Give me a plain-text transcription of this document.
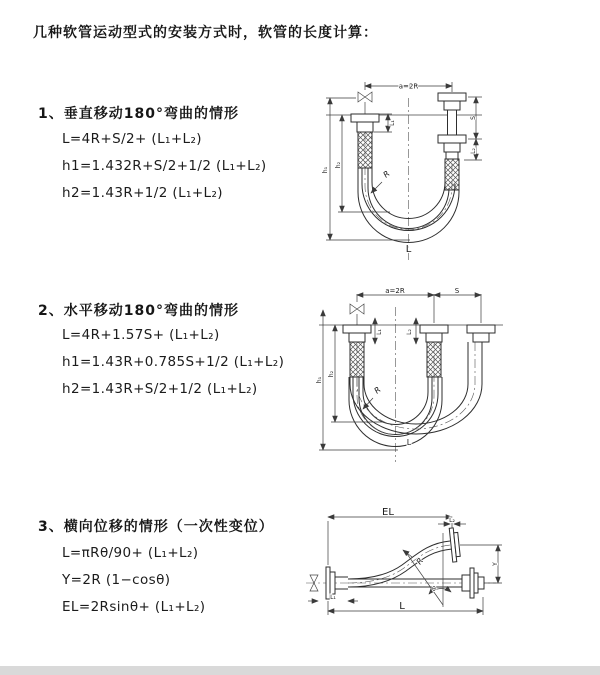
几种软管运动型式的安装方式时，软管的长度计算：
1、垂直移动180°弯曲的情形
L=4R+S/2+ (L₁+L₂)
h1=1.432R+S/2+1/2 (L₁+L₂)
h2=1.43R+1/2 (L₁+L₂)
2、水平移动180°弯曲的情形
L=4R+1.57S+ (L₁+L₂)
h1=1.43R+0.785S+1/2 (L₁+L₂)
h2=1.43R+S/2+1/2 (L₁+L₂)
3、横向位移的情形（一次性变位）
L=πRθ/90+ (L₁+L₂)
Y=2R (1−cosθ)
EL=2Rsinθ+ (L₁+L₂)
a=2R
h₁
h₂
S
L₂
L₁
R
L
a=2R	S
h₁
h₂
L₁	L₂
R
L
EL
L₂
Y
θ
R
L
L₁
